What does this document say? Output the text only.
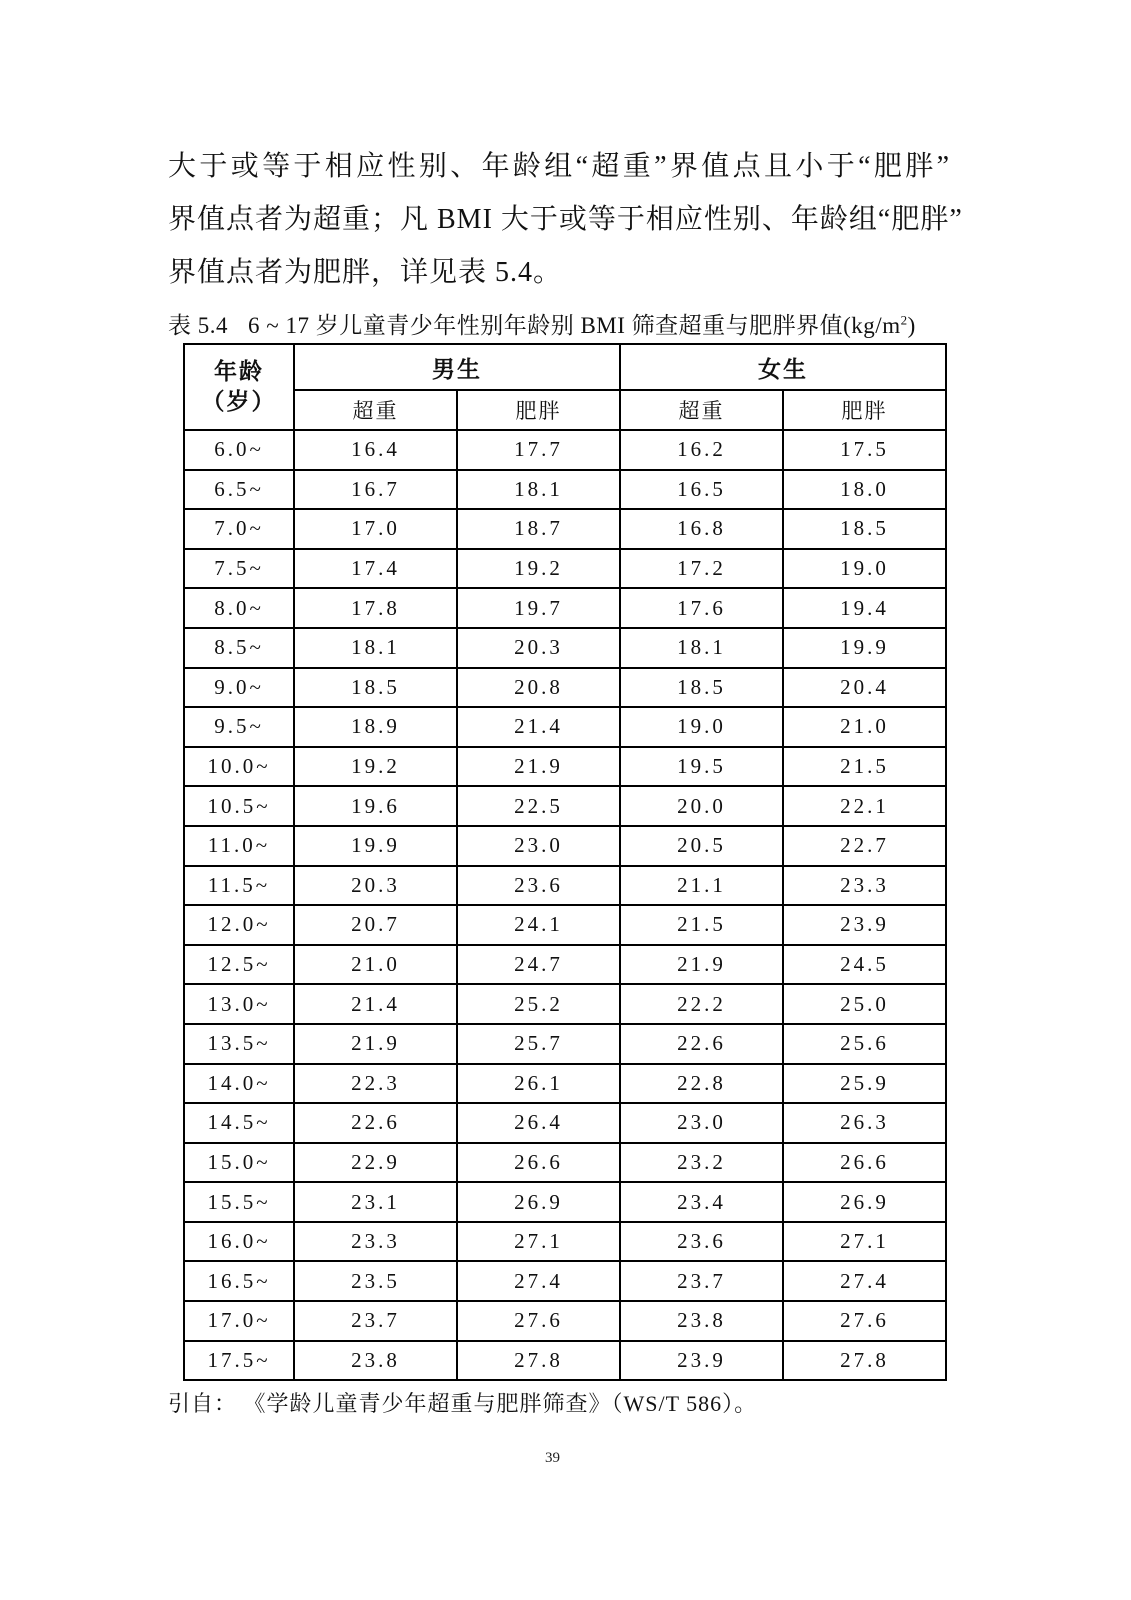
大于或等于相应性别、年龄组“超重”界值点且小于“肥胖”
界值点者为超重；凡 BMI 大于或等于相应性别、年龄组“肥胖”
界值点者为肥胖，详见表 5.4。
表 5.4 6 ~ 17 岁儿童青少年性别年龄别 BMI 筛查超重与肥胖界值$(kg/m^2)$
年龄
（岁）	男生		女生	
	超重	肥胖	超重	肥胖
6.0~	16.4	17.7	16.2	17.5
6.5~	16.7	18.1	16.5	18.0
7.0~	17.0	18.7	16.8	18.5
7.5~	17.4	19.2	17.2	19.0
8.0~	17.8	19.7	17.6	19.4
8.5~	18.1	20.3	18.1	19.9
9.0~	18.5	20.8	18.5	20.4
9.5~	18.9	21.4	19.0	21.0
10.0~	19.2	21.9	19.5	21.5
10.5~	19.6	22.5	20.0	22.1
11.0~	19.9	23.0	20.5	22.7
11.5~	20.3	23.6	21.1	23.3
12.0~	20.7	24.1	21.5	23.9
12.5~	21.0	24.7	21.9	24.5
13.0~	21.4	25.2	22.2	25.0
13.5~	21.9	25.7	22.6	25.6
14.0~	22.3	26.1	22.8	25.9
14.5~	22.6	26.4	23.0	26.3
15.0~	22.9	26.6	23.2	26.6
15.5~	23.1	26.9	23.4	26.9
16.0~	23.3	27.1	23.6	27.1
16.5~	23.5	27.4	23.7	27.4
17.0~	23.7	27.6	23.8	27.6
17.5~	23.8	27.8	23.9	27.8
引自： 《学龄儿童青少年超重与肥胖筛查》（WS/T 586）。
39
